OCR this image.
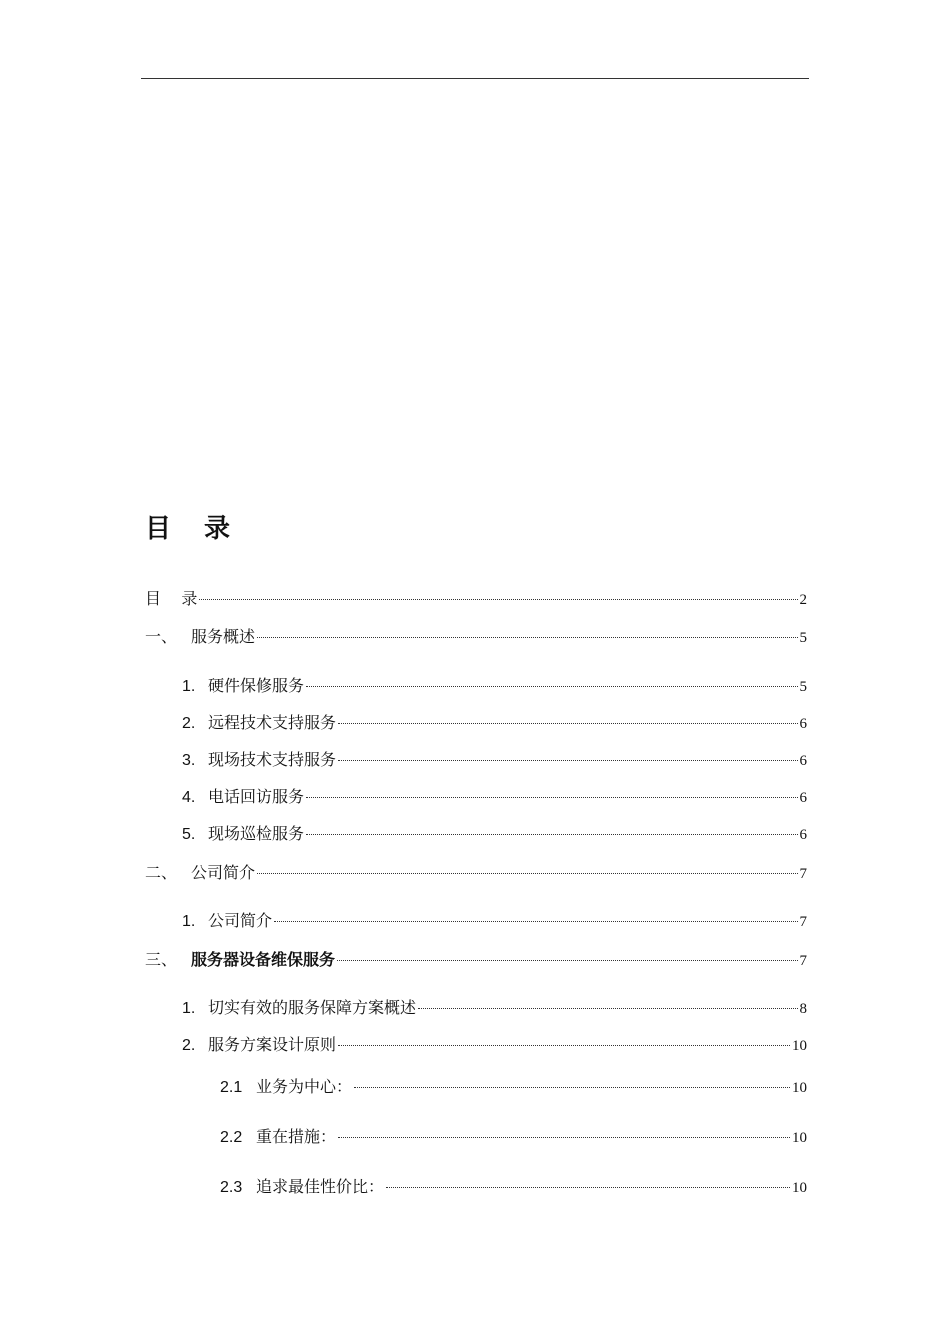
目 录
目    录	2
一、 服务概述	5
1. 硬件保修服务	5
2. 远程技术支持服务	6
3. 现场技术支持服务	6
4. 电话回访服务	6
5. 现场巡检服务	6
二、 公司简介	7
1. 公司简介	7
三、 服务器设备维保服务	7
1. 切实有效的服务保障方案概述	8
2. 服务方案设计原则	10
2.1 业务为中心：	10
2.2 重在措施：	10
2.3 追求最佳性价比：	10
